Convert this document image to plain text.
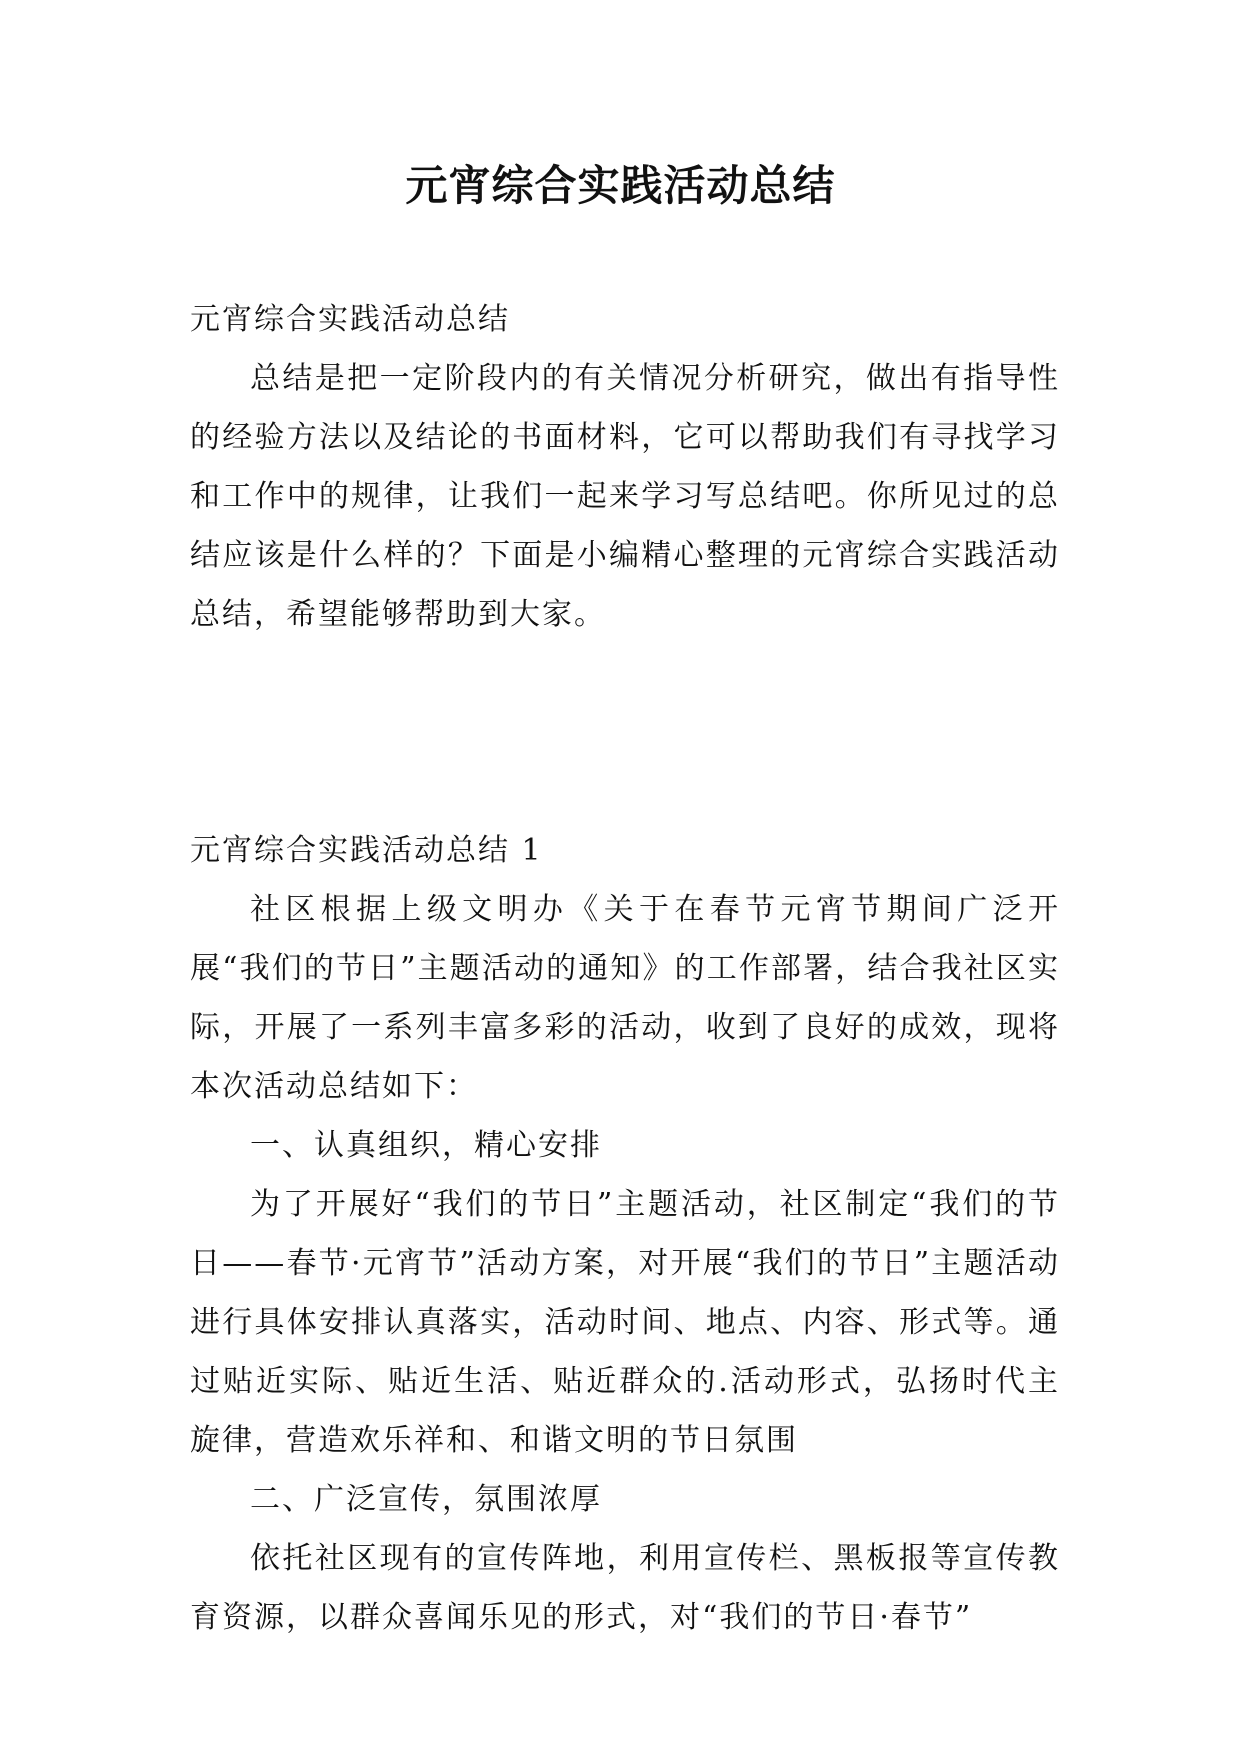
元宵综合实践活动总结

元宵综合实践活动总结

总结是把一定阶段内的有关情况分析研究，做出有指导性的经验方法以及结论的书面材料，它可以帮助我们有寻找学习和工作中的规律，让我们一起来学习写总结吧。你所见过的总结应该是什么样的？下面是小编精心整理的元宵综合实践活动总结，希望能够帮助到大家。

元宵综合实践活动总结 1

社区根据上级文明办《关于在春节元宵节期间广泛开展“我们的节日”主题活动的通知》的工作部署，结合我社区实际，开展了一系列丰富多彩的活动，收到了良好的成效，现将本次活动总结如下：

一、认真组织，精心安排

为了开展好“我们的节日”主题活动，社区制定“我们的节日——春节·元宵节”活动方案，对开展“我们的节日”主题活动进行具体安排认真落实，活动时间、地点、内容、形式等。通过贴近实际、贴近生活、贴近群众的.活动形式，弘扬时代主旋律，营造欢乐祥和、和谐文明的节日氛围

二、广泛宣传，氛围浓厚

依托社区现有的宣传阵地，利用宣传栏、黑板报等宣传教育资源，以群众喜闻乐见的形式，对“我们的节日·春节”
